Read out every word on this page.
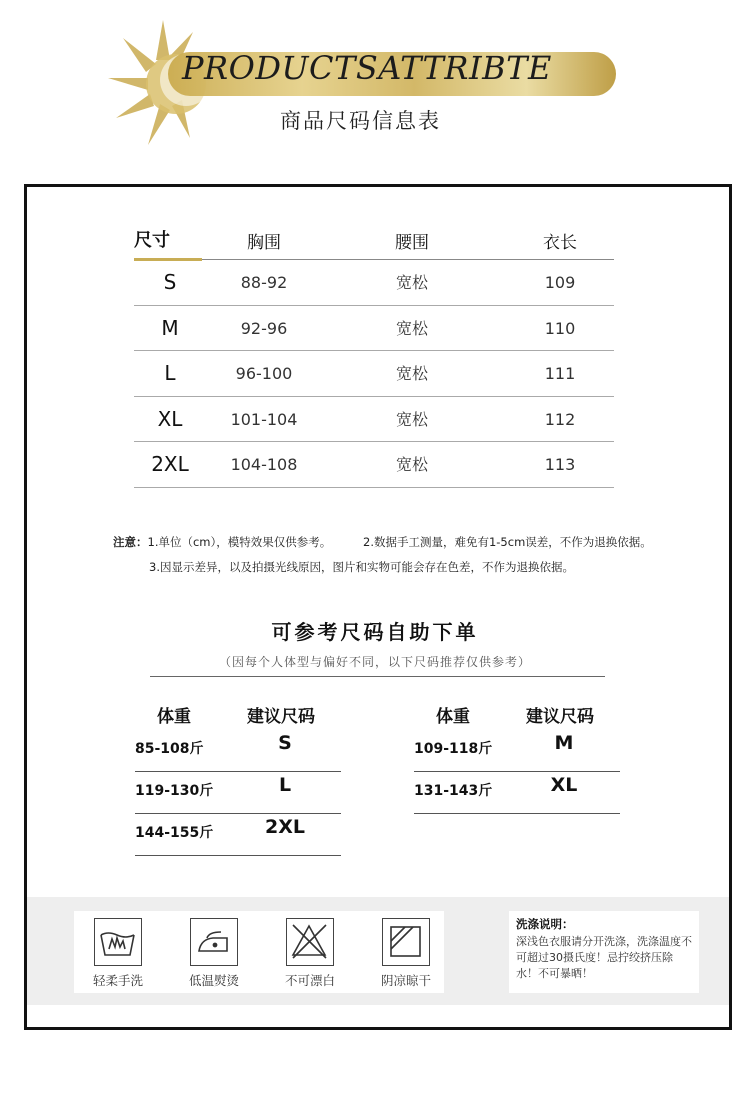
PRODUCTSATTRIBTE
商品尺码信息表
尺寸	胸围	腰围	衣长
S	88-92	宽松	109
M	92-96	宽松	110
L	96-100	宽松	111
XL	101-104	宽松	112
2XL	104-108	宽松	113
注意：1.单位（cm），模特效果仅供参考。	2.数据手工测量，难免有1-5cm误差，不作为退换依据。
3.因显示差异，以及拍摄光线原因，图片和实物可能会存在色差，不作为退换依据。
可参考尺码自助下单
（因每个人体型与偏好不同，以下尺码推荐仅供参考）
体重	建议尺码
85-108斤	S
119-130斤	L
144-155斤	2XL
体重	建议尺码
109-118斤	M
131-143斤	XL
轻柔手洗	低温熨烫	不可漂白	阴凉晾干
洗涤说明：
深浅色衣服请分开洗涤，洗涤温度不可超过30摄氏度！忌拧绞挤压除水！不可暴晒！
